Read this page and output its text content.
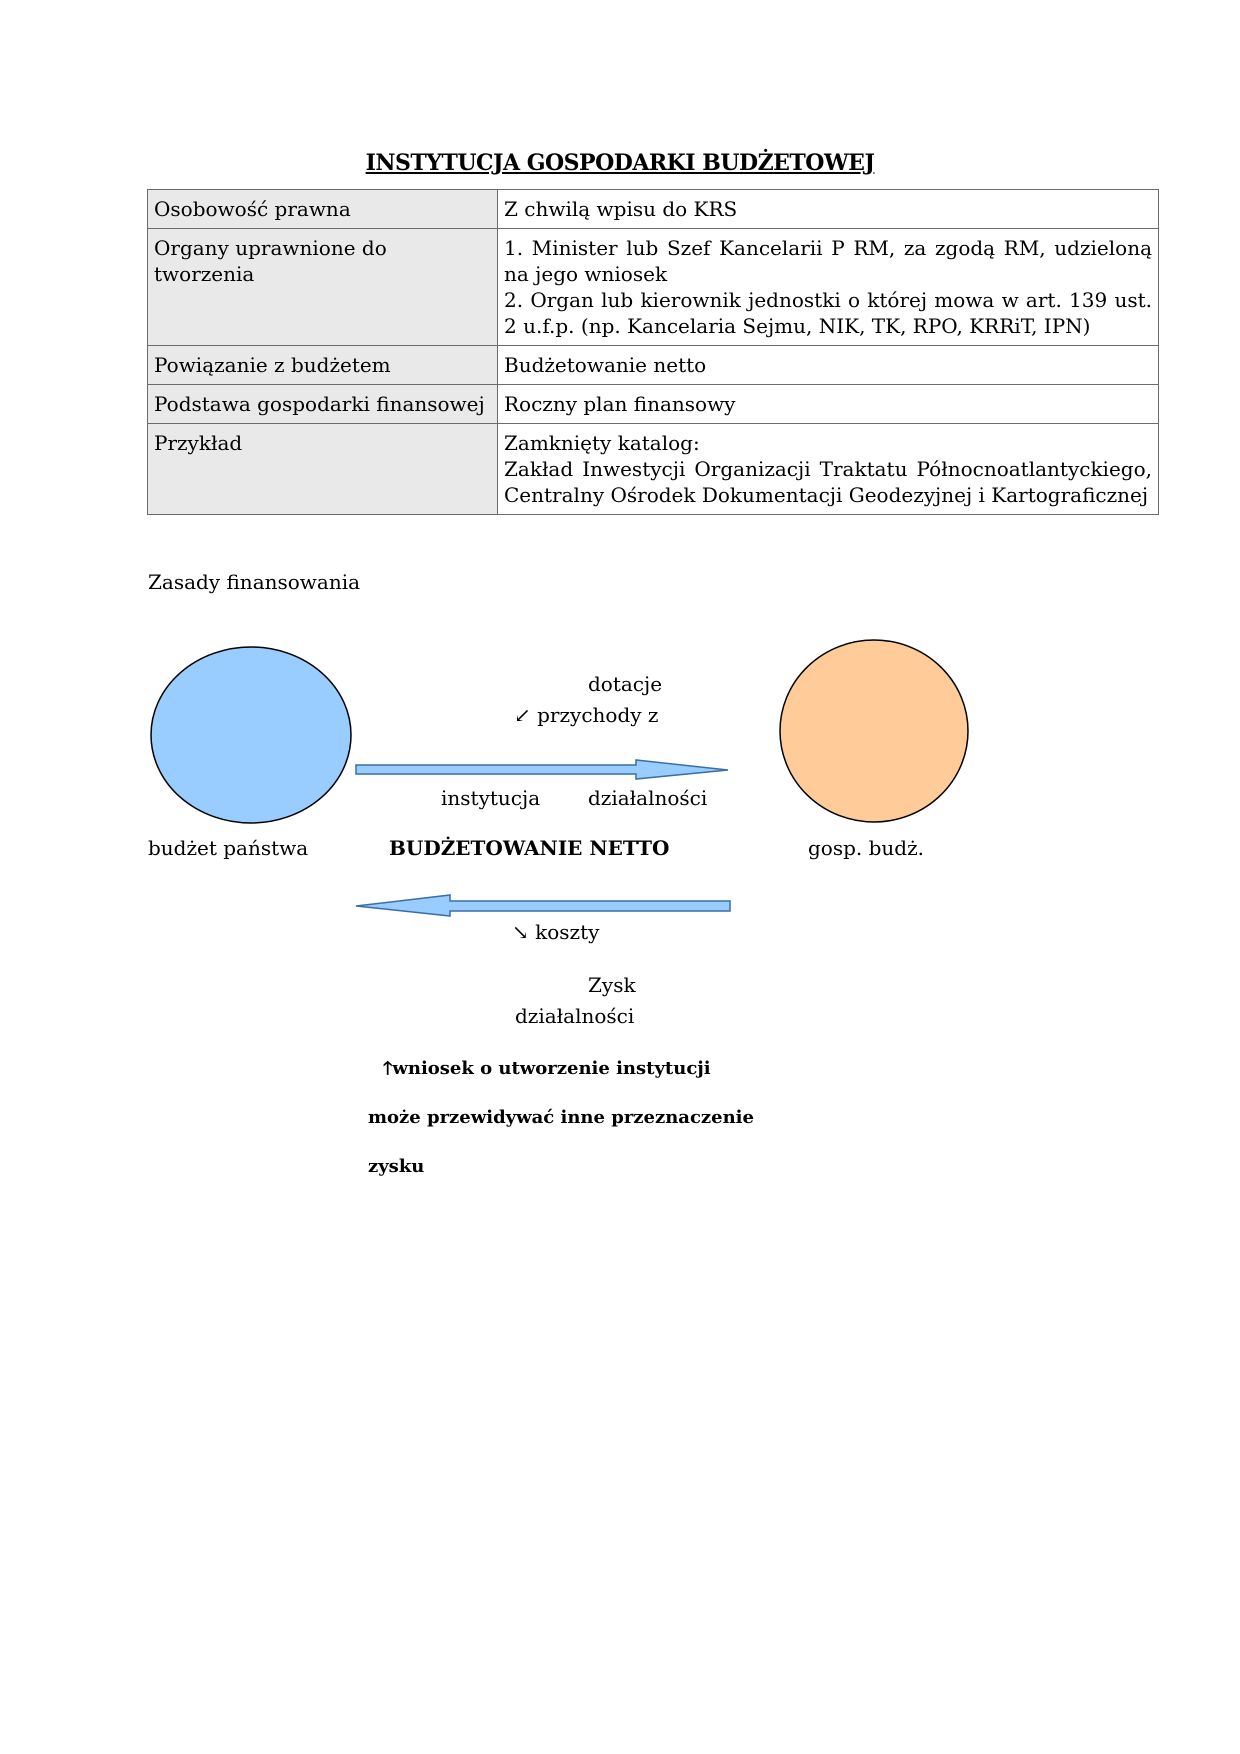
INSTYTUCJA GOSPODARKI BUDŻETOWEJ
Osobowość prawna	Z chwilą wpisu do KRS

Organy uprawnione do tworzenia	1. Minister lub Szef Kancelarii P RM, za zgodą RM, udzieloną na jego wniosek
2. Organ lub kierownik jednostki o której mowa w art. 139 ust. 2 u.f.p. (np. Kancelaria Sejmu, NIK, TK, RPO, KRRiT, IPN)

Powiązanie z budżetem	Budżetowanie netto

Podstawa gospodarki finansowej	Roczny plan finansowy

Przykład	Zamknięty katalog:
Zakład Inwestycji Organizacji Traktatu Północnoatlantyckiego, Centralny Ośrodek Dokumentacji Geodezyjnej i Kartograficznej
Zasady finansowania
dotacje
↙ przychody z
instytucja działalności
budżet państwa	BUDŻETOWANIE NETTO	gosp. budż.
↘ koszty
Zysk
działalności
🡑wniosek o utworzenie instytucji
może przewidywać inne przeznaczenie
zysku
